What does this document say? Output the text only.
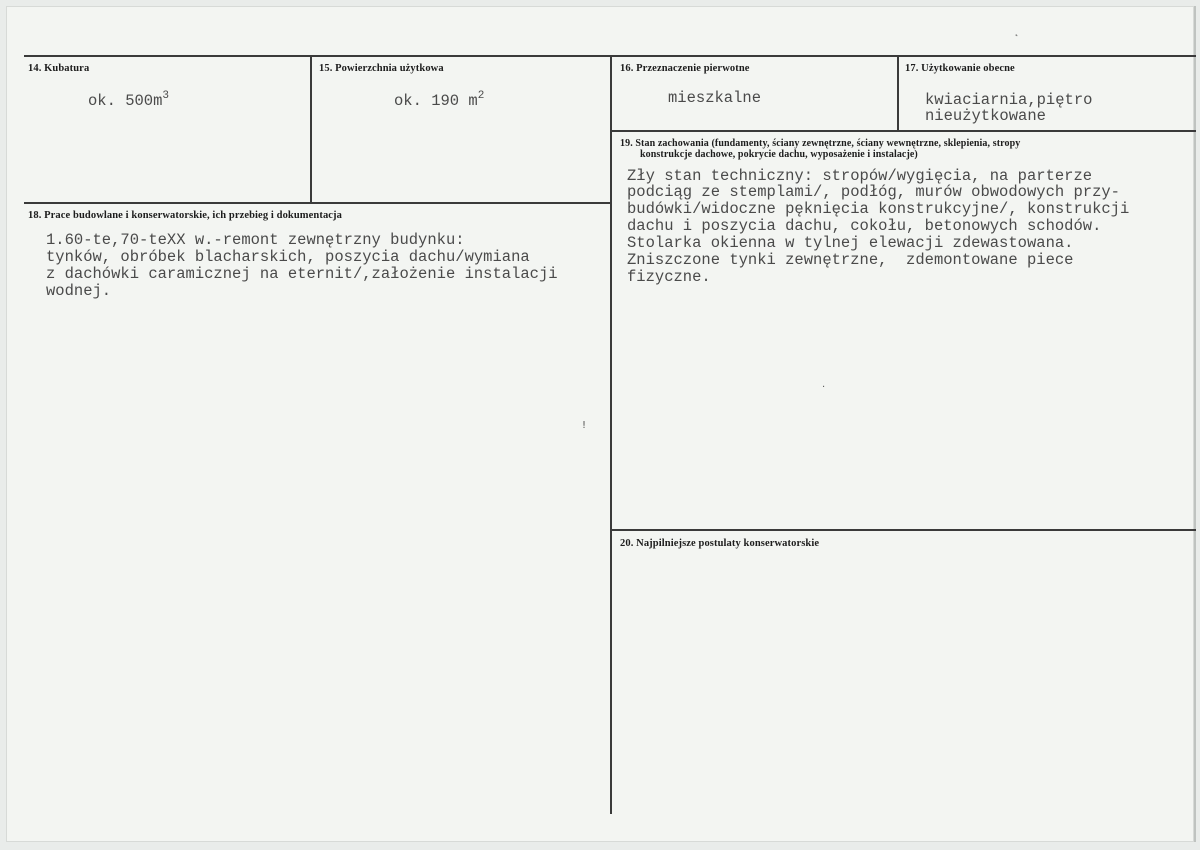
14. Kubatura
ok. $500m^3$
15. Powierzchnia użytkowa
ok. 190 $m^2$
16. Przeznaczenie pierwotne
mieszkalne
17. Użytkowanie obecne
kwiaciarnia,piętro
nieużytkowane
18. Prace budowlane i konserwatorskie, ich przebieg i dokumentacja
1.60-te,70-teXX w.-remont zewnętrzny budynku:
tynków, obróbek blacharskich, poszycia dachu/wymiana
z dachówki caramicznej na eternit/,założenie instalacji
wodnej.
19. Stan zachowania (fundamenty, ściany zewnętrzne, ściany wewnętrzne, sklepienia, stropy
konstrukcje dachowe, pokrycie dachu, wyposażenie i instalacje)
Zły stan techniczny: stropów/wygięcia, na parterze
podciąg ze stemplami/, podłóg, murów obwodowych przy-
budówki/widoczne pęknięcia konstrukcyjne/, konstrukcji
dachu i poszycia dachu, cokołu, betonowych schodów.
Stolarka okienna w tylnej elewacji zdewastowana.
Zniszczone tynki zewnętrzne,  zdemontowane piece
fizyczne.
20. Najpilniejsze postulaty konserwatorskie
˛
!
·
